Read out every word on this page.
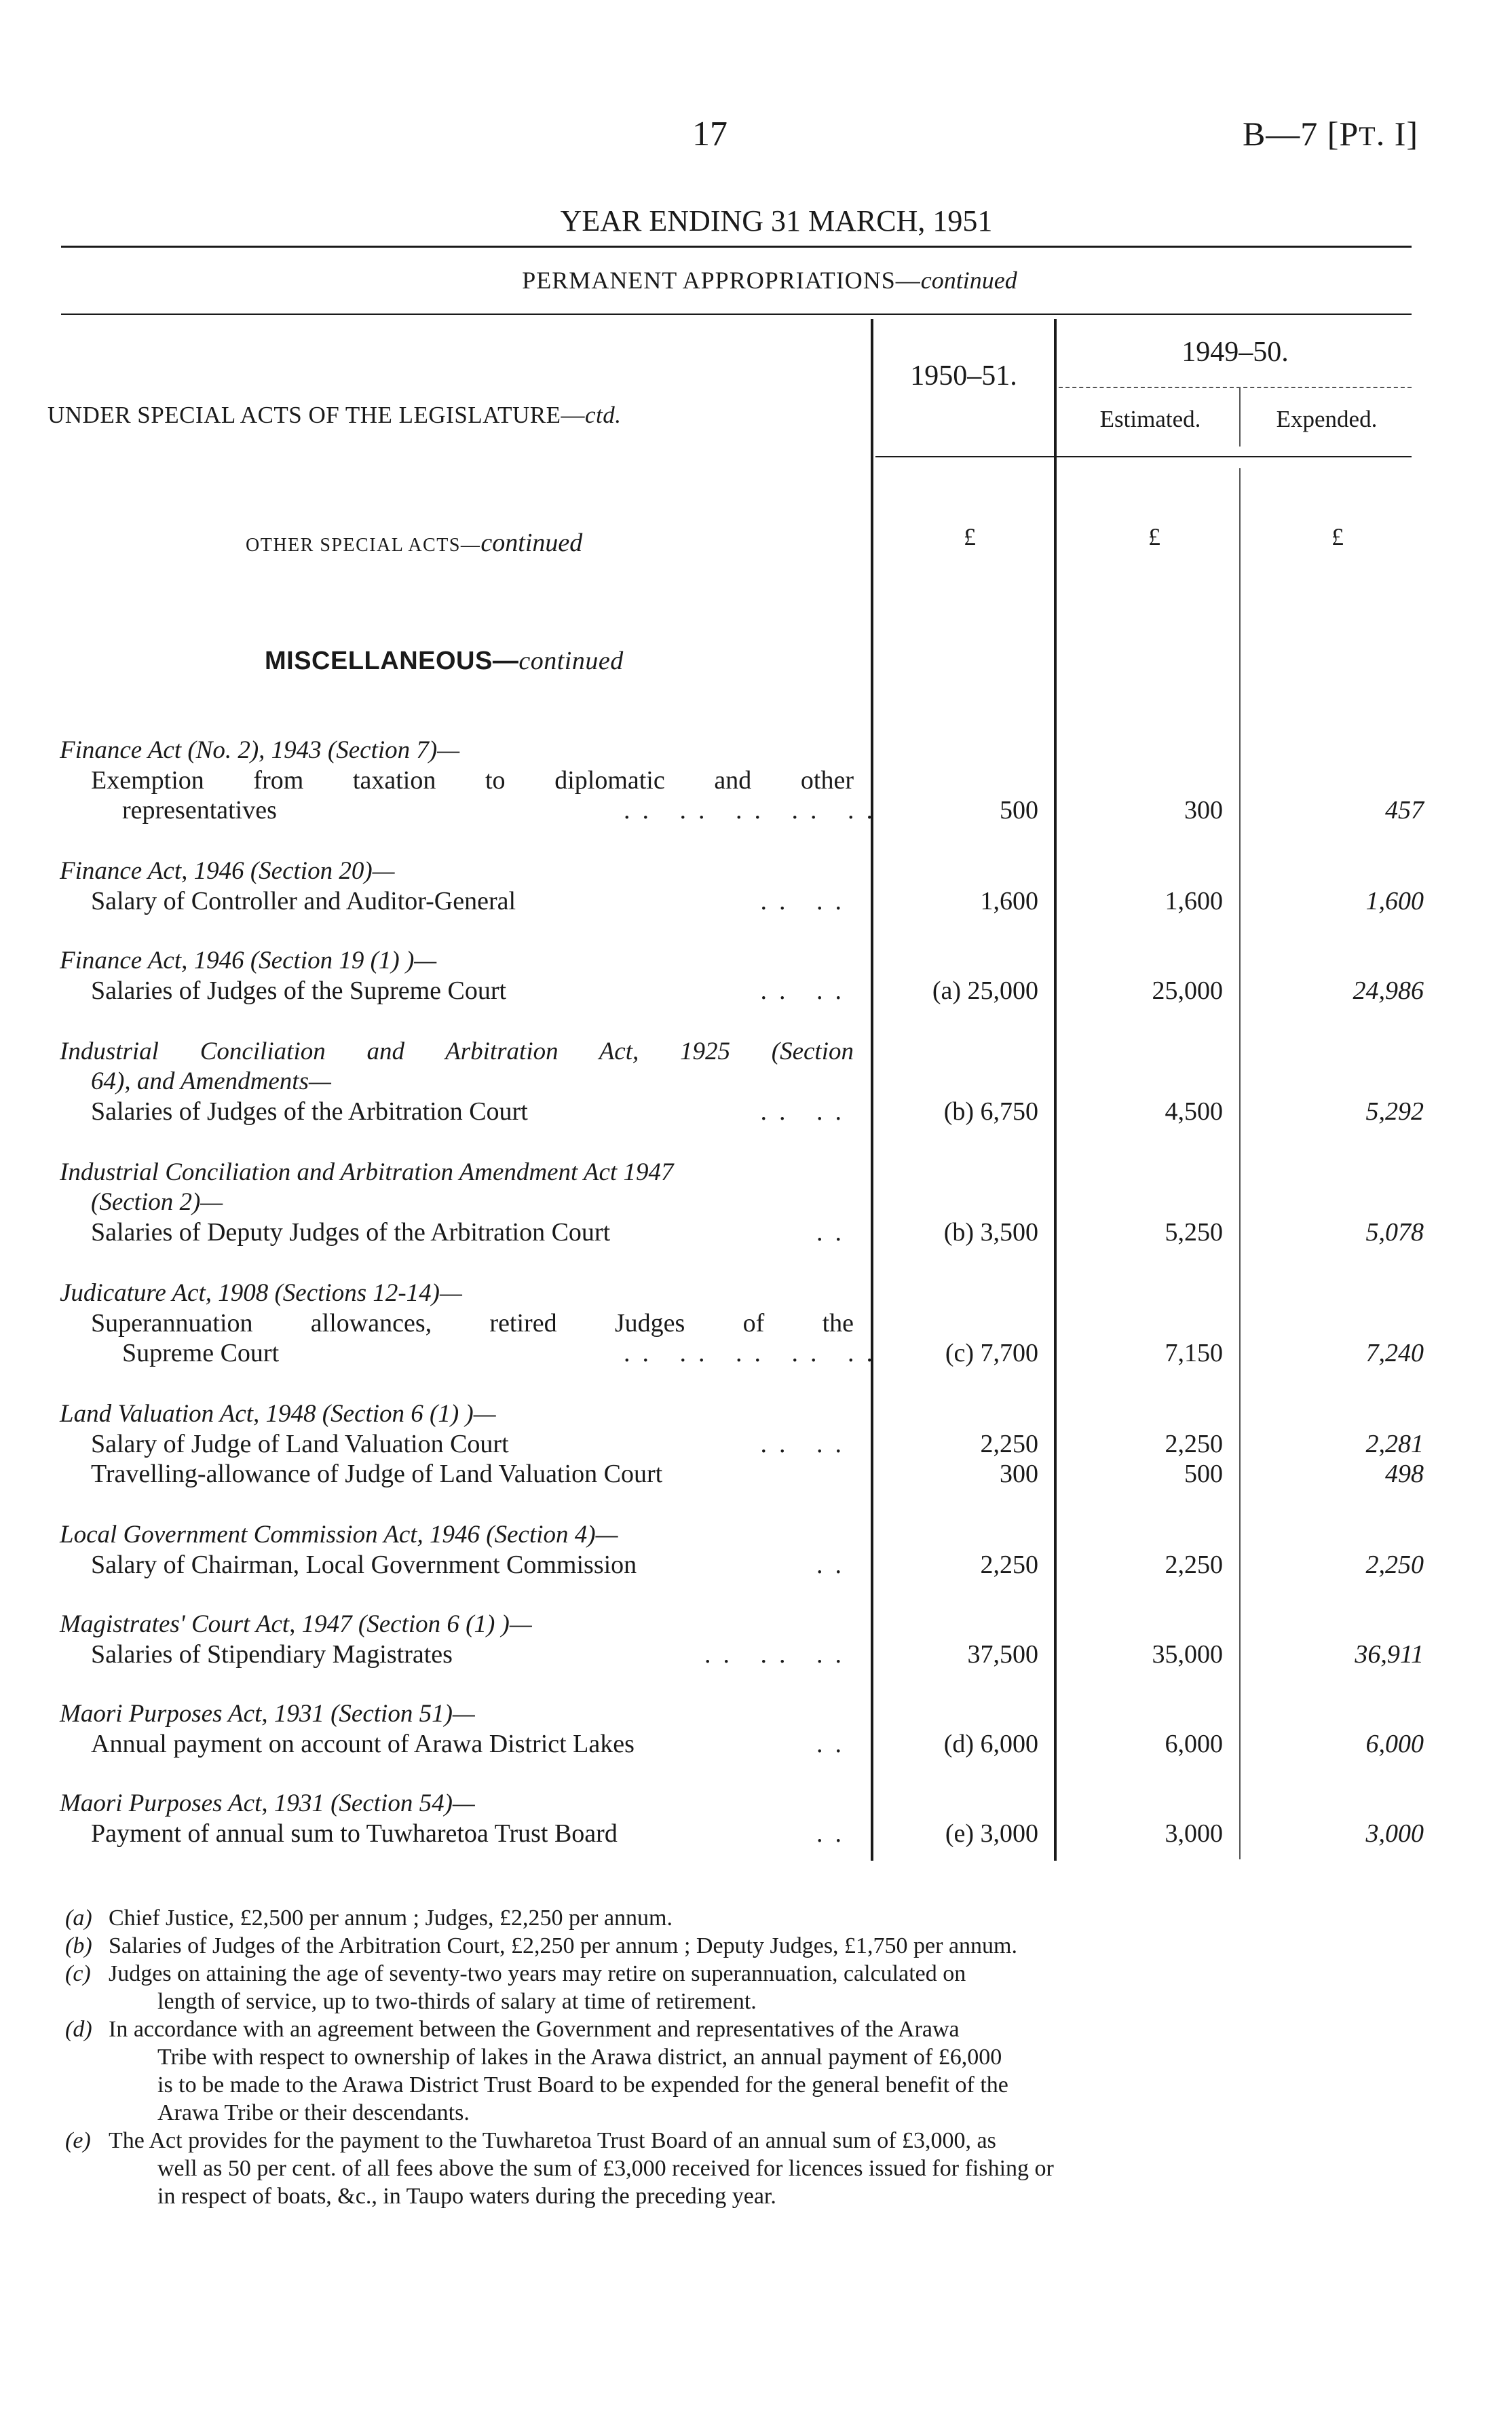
17	B—7 [PT. I]
YEAR ENDING 31 MARCH, 1951
PERMANENT APPROPRIATIONS—continued
UNDER SPECIAL ACTS OF THE LEGISLATURE—ctd.
1950–51.
1949–50.
Estimated.	Expended.
£	£	£
OTHER SPECIAL ACTS—continued
MISCELLANEOUS—continued
Finance Act (No. 2), 1943 (Section 7)—
Exemption from taxation to diplomatic and other
representatives	.. .. .. .. ..	500	300	457
Finance Act, 1946 (Section 20)—
Salary of Controller and Auditor-General	.. ..	1,600	1,600	1,600
Finance Act, 1946 (Section 19 (1) )—
Salaries of Judges of the Supreme Court	.. ..	(a) 25,000	25,000	24,986
Industrial Conciliation and Arbitration Act, 1925 (Section
64), and Amendments—
Salaries of Judges of the Arbitration Court	.. ..	(b) 6,750	4,500	5,292
Industrial Conciliation and Arbitration Amendment Act 1947
(Section 2)—
Salaries of Deputy Judges of the Arbitration Court	..	(b) 3,500	5,250	5,078
Judicature Act, 1908 (Sections 12-14)—
Superannuation allowances, retired Judges of the
Supreme Court	.. .. .. .. ..	(c) 7,700	7,150	7,240
Land Valuation Act, 1948 (Section 6 (1) )—
Salary of Judge of Land Valuation Court	.. ..	2,250	2,250	2,281
Travelling-allowance of Judge of Land Valuation Court	300	500	498
Local Government Commission Act, 1946 (Section 4)—
Salary of Chairman, Local Government Commission	..	2,250	2,250	2,250
Magistrates' Court Act, 1947 (Section 6 (1) )—
Salaries of Stipendiary Magistrates	.. .. ..	37,500	35,000	36,911
Maori Purposes Act, 1931 (Section 51)—
Annual payment on account of Arawa District Lakes	..	(d) 6,000	6,000	6,000
Maori Purposes Act, 1931 (Section 54)—
Payment of annual sum to Tuwharetoa Trust Board	..	(e) 3,000	3,000	3,000
(a) Chief Justice, £2,500 per annum ; Judges, £2,250 per annum.
(b) Salaries of Judges of the Arbitration Court, £2,250 per annum ; Deputy Judges, £1,750 per annum.
(c) Judges on attaining the age of seventy-two years may retire on superannuation, calculated on
length of service, up to two-thirds of salary at time of retirement.
(d) In accordance with an agreement between the Government and representatives of the Arawa
Tribe with respect to ownership of lakes in the Arawa district, an annual payment of £6,000
is to be made to the Arawa District Trust Board to be expended for the general benefit of the
Arawa Tribe or their descendants.
(e) The Act provides for the payment to the Tuwharetoa Trust Board of an annual sum of £3,000, as
well as 50 per cent. of all fees above the sum of £3,000 received for licences issued for fishing or
in respect of boats, &c., in Taupo waters during the preceding year.
